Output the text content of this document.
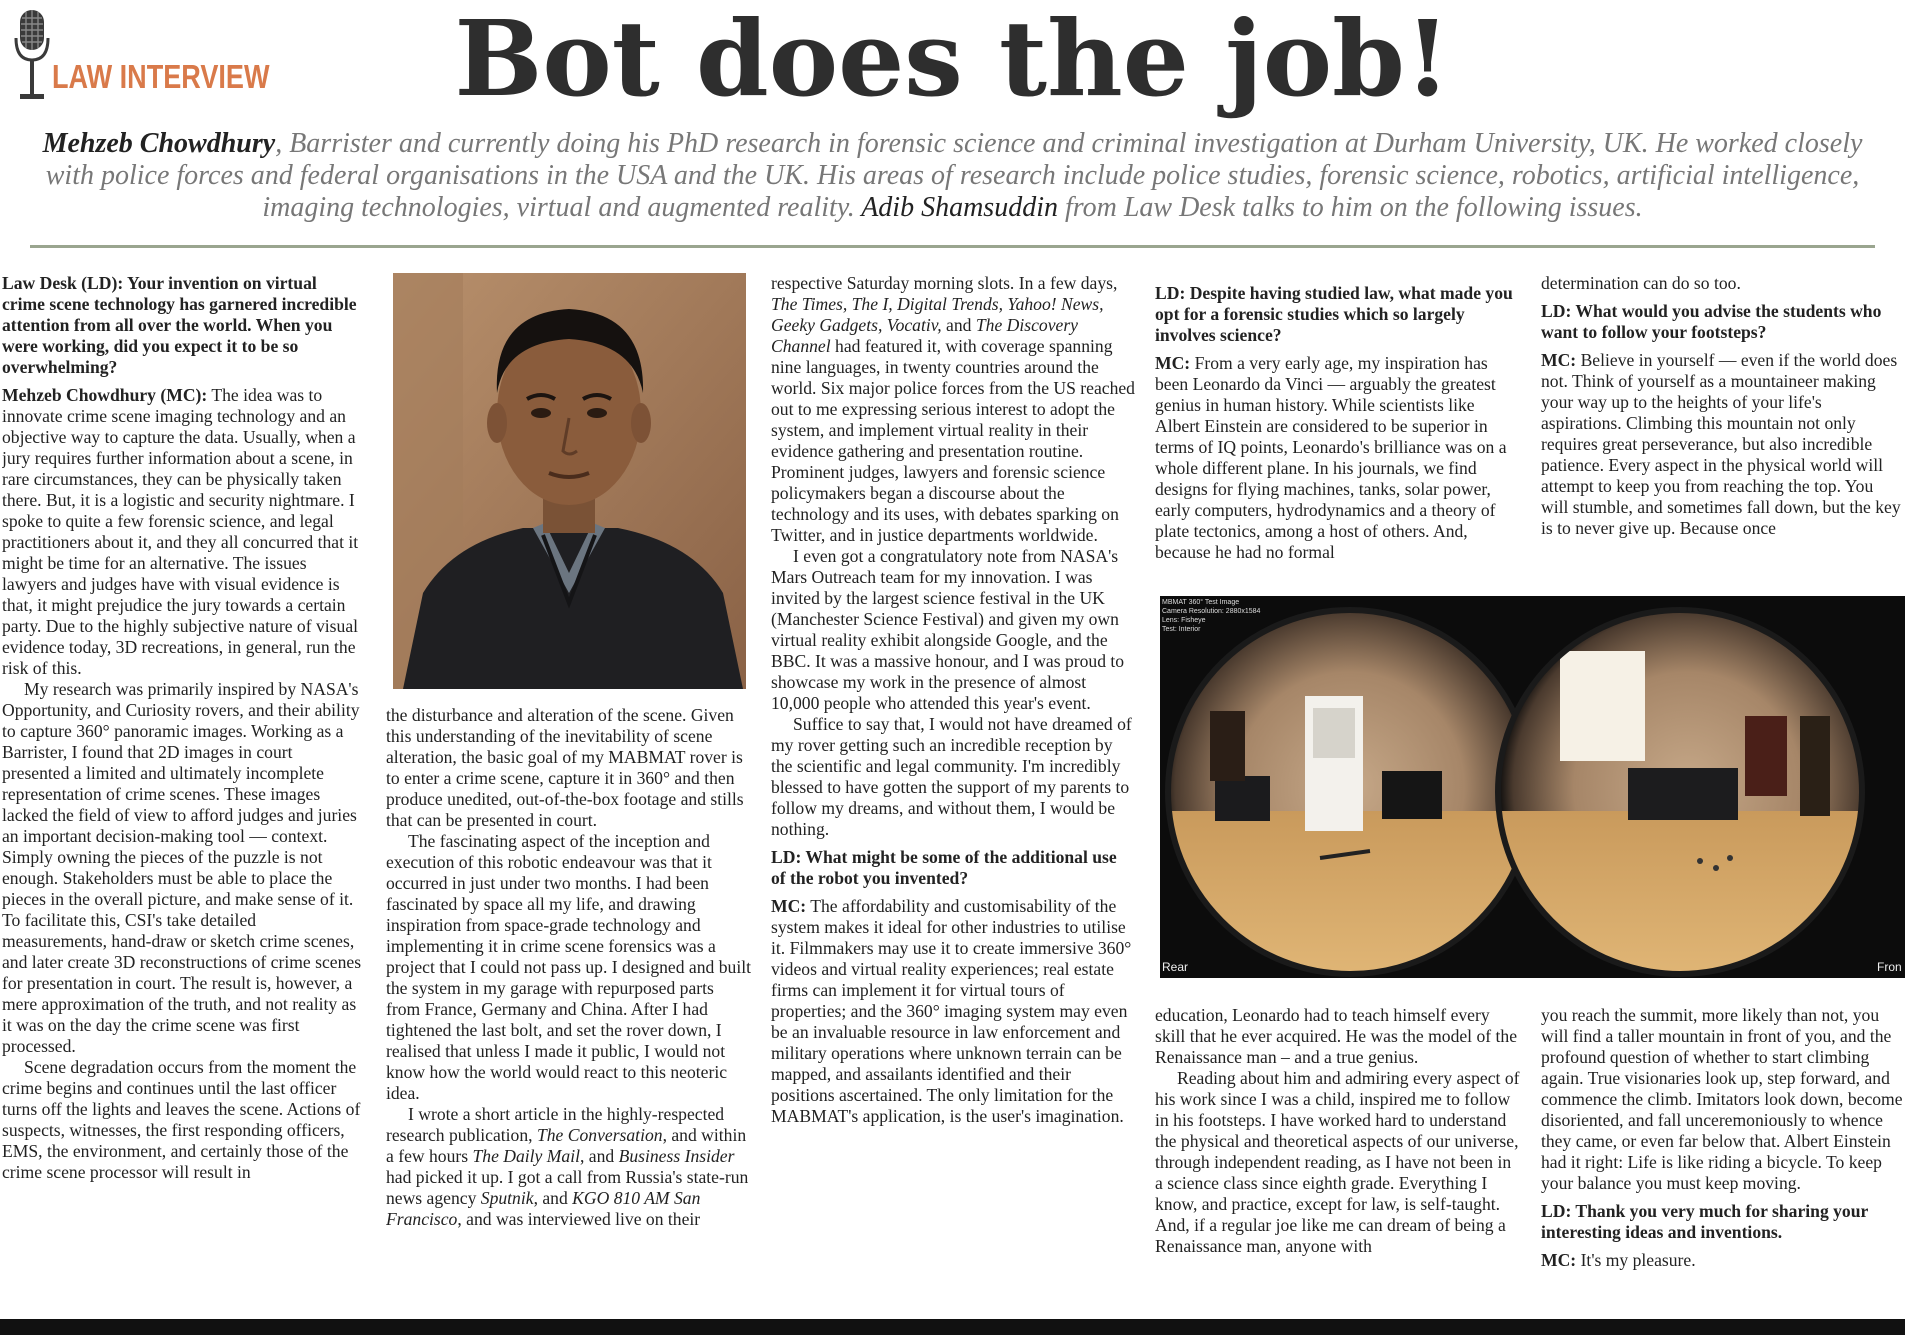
LAW INTERVIEW	Bot does the job!
Mehzeb Chowdhury, Barrister and currently doing his PhD research in forensic science and criminal investigation at Durham University, UK. He worked closely with police forces and federal organisations in the USA and the UK. His areas of research include police studies, forensic science, robotics, artificial intelligence, imaging technologies, virtual and augmented reality. Adib Shamsuddin from Law Desk talks to him on the following issues.
MBMAT 360° Test Image
Camera Resolution: 2880x1584
Lens: Fisheye
Test: Interior
Rear	Fron

Law Desk (LD): Your invention on virtual crime scene technology has garnered incredible attention from all over the world. When you were working, did you expect it to be so overwhelming?

Mehzeb Chowdhury (MC): The idea was to innovate crime scene imaging technology and an objective way to capture the data. Usually, when a jury requires further information about a scene, in rare circumstances, they can be physically taken there. But, it is a logistic and security nightmare. I spoke to quite a few forensic science, and legal practitioners about it, and they all concurred that it might be time for an alternative. The issues lawyers and judges have with visual evidence is that, it might prejudice the jury towards a certain party. Due to the highly subjective nature of visual evidence today, 3D recreations, in general, run the risk of this.

My research was primarily inspired by NASA's Opportunity, and Curiosity rovers, and their ability to capture 360° panoramic images. Working as a Barrister, I found that 2D images in court presented a limited and ultimately incomplete representation of crime scenes. These images lacked the field of view to afford judges and juries an important decision-making tool — context. Simply owning the pieces of the puzzle is not enough. Stakeholders must be able to place the pieces in the overall picture, and make sense of it. To facilitate this, CSI's take detailed measurements, hand-draw or sketch crime scenes, and later create 3D reconstructions of crime scenes for presentation in court. The result is, however, a mere approximation of the truth, and not reality as it was on the day the crime scene was first processed.

Scene degradation occurs from the moment the crime begins and continues until the last officer turns off the lights and leaves the scene. Actions of suspects, witnesses, the first responding officers, EMS, the environment, and certainly those of the crime scene processor will result in

the disturbance and alteration of the scene. Given this understanding of the inevitability of scene alteration, the basic goal of my MABMAT rover is to enter a crime scene, capture it in 360° and then produce unedited, out-of-the-box footage and stills that can be presented in court.

The fascinating aspect of the inception and execution of this robotic endeavour was that it occurred in just under two months. I had been fascinated by space all my life, and drawing inspiration from space-grade technology and implementing it in crime scene forensics was a project that I could not pass up. I designed and built the system in my garage with repurposed parts from France, Germany and China. After I had tightened the last bolt, and set the rover down, I realised that unless I made it public, I would not know how the world would react to this neoteric idea.

I wrote a short article in the highly-respected research publication, The Conversation, and within a few hours The Daily Mail, and Business Insider had picked it up. I got a call from Russia's state-run news agency Sputnik, and KGO 810 AM San Francisco, and was interviewed live on their

respective Saturday morning slots. In a few days, The Times, The I, Digital Trends, Yahoo! News, Geeky Gadgets, Vocativ, and The Discovery Channel had featured it, with coverage spanning nine languages, in twenty countries around the world. Six major police forces from the US reached out to me expressing serious interest to adopt the system, and implement virtual reality in their evidence gathering and presentation routine. Prominent judges, lawyers and forensic science policymakers began a discourse about the technology and its uses, with debates sparking on Twitter, and in justice departments worldwide.

I even got a congratulatory note from NASA's Mars Outreach team for my innovation. I was invited by the largest science festival in the UK (Manchester Science Festival) and given my own virtual reality exhibit alongside Google, and the BBC. It was a massive honour, and I was proud to showcase my work in the presence of almost 10,000 people who attended this year's event.

Suffice to say that, I would not have dreamed of my rover getting such an incredible reception by the scientific and legal community. I'm incredibly blessed to have gotten the support of my parents to follow my dreams, and without them, I would be nothing.

LD: What might be some of the additional use of the robot you invented?

MC: The affordability and customisability of the system makes it ideal for other industries to utilise it. Filmmakers may use it to create immersive 360° videos and virtual reality experiences; real estate firms can implement it for virtual tours of properties; and the 360° imaging system may even be an invaluable resource in law enforcement and military operations where unknown terrain can be mapped, and assailants identified and their positions ascertained. The only limitation for the MABMAT's application, is the user's imagination.

LD: Despite having studied law, what made you opt for a forensic studies which so largely involves science?

MC: From a very early age, my inspiration has been Leonardo da Vinci — arguably the greatest genius in human history. While scientists like Albert Einstein are considered to be superior in terms of IQ points, Leonardo's brilliance was on a whole different plane. In his journals, we find designs for flying machines, tanks, solar power, early computers, hydrodynamics and a theory of plate tectonics, among a host of others. And, because he had no formal

education, Leonardo had to teach himself every skill that he ever acquired. He was the model of the Renaissance man – and a true genius.

Reading about him and admiring every aspect of his work since I was a child, inspired me to follow in his footsteps. I have worked hard to understand the physical and theoretical aspects of our universe, through independent reading, as I have not been in a science class since eighth grade. Everything I know, and practice, except for law, is self-taught. And, if a regular joe like me can dream of being a Renaissance man, anyone with

determination can do so too.

LD: What would you advise the students who want to follow your footsteps?

MC: Believe in yourself — even if the world does not. Think of yourself as a mountaineer making your way up to the heights of your life's aspirations. Climbing this mountain not only requires great perseverance, but also incredible patience. Every aspect in the physical world will attempt to keep you from reaching the top. You will stumble, and sometimes fall down, but the key is to never give up. Because once

you reach the summit, more likely than not, you will find a taller mountain in front of you, and the profound question of whether to start climbing again. True visionaries look up, step forward, and commence the climb. Imitators look down, become disoriented, and fall unceremoniously to whence they came, or even far below that. Albert Einstein had it right: Life is like riding a bicycle. To keep your balance you must keep moving.

LD: Thank you very much for sharing your interesting ideas and inventions.

MC: It's my pleasure.
